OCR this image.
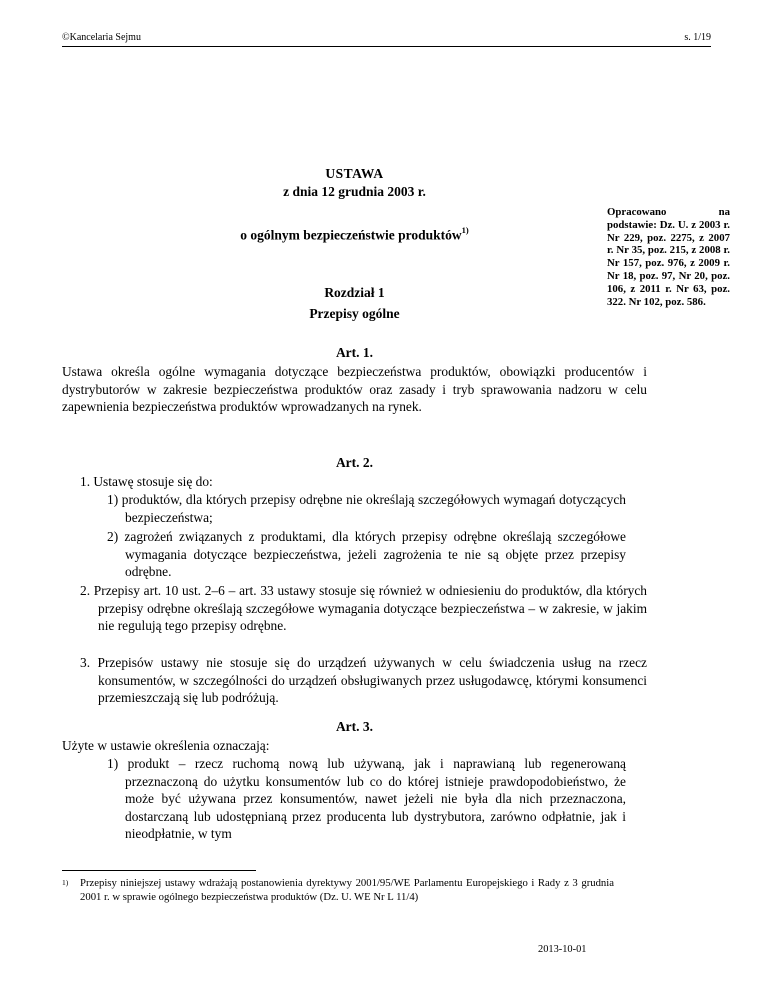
©Kancelaria Sejmu	s. 1/19
USTAWA
z dnia 12 grudnia 2003 r.
o ogólnym bezpieczeństwie produktów$^{1)}$
Rozdział 1
Przepisy ogólne
Opracowano na podstawie: Dz. U. z 2003 r. Nr 229, poz. 2275, z 2007 r. Nr 35, poz. 215, z 2008 r. Nr 157, poz. 976, z 2009 r. Nr 18, poz. 97, Nr 20, poz. 106, z 2011 r. Nr 63, poz. 322. Nr 102, poz. 586.
Art. 1.
Ustawa określa ogólne wymagania dotyczące bezpieczeństwa produktów, obowiązki producentów i dystrybutorów w zakresie bezpieczeństwa produktów oraz zasady i tryb sprawowania nadzoru w celu zapewnienia bezpieczeństwa produktów wprowadzanych na rynek.
Art. 2.
1. Ustawę stosuje się do:
1) produktów, dla których przepisy odrębne nie określają szczegółowych wymagań dotyczących bezpieczeństwa;
2) zagrożeń związanych z produktami, dla których przepisy odrębne określają szczegółowe wymagania dotyczące bezpieczeństwa, jeżeli zagrożenia te nie są objęte przez przepisy odrębne.
2. Przepisy art. 10 ust. 2–6 – art. 33 ustawy stosuje się również w odniesieniu do produktów, dla których przepisy odrębne określają szczegółowe wymagania dotyczące bezpieczeństwa – w zakresie, w jakim nie regulują tego przepisy odrębne.
3. Przepisów ustawy nie stosuje się do urządzeń używanych w celu świadczenia usług na rzecz konsumentów, w szczególności do urządzeń obsługiwanych przez usługodawcę, którymi konsumenci przemieszczają się lub podróżują.
Art. 3.
Użyte w ustawie określenia oznaczają:
1) produkt – rzecz ruchomą nową lub używaną, jak i naprawianą lub regenerowaną przeznaczoną do użytku konsumentów lub co do której istnieje prawdopodobieństwo, że może być używana przez konsumentów, nawet jeżeli nie była dla nich przeznaczona, dostarczaną lub udostępnianą przez producenta lub dystrybutora, zarówno odpłatnie, jak i nieodpłatnie, w tym
1)	Przepisy niniejszej ustawy wdrażają postanowienia dyrektywy 2001/95/WE Parlamentu Europejskiego i Rady z 3 grudnia 2001 r. w sprawie ogólnego bezpieczeństwa produktów (Dz. U. WE Nr L 11/4)
2013-10-01
